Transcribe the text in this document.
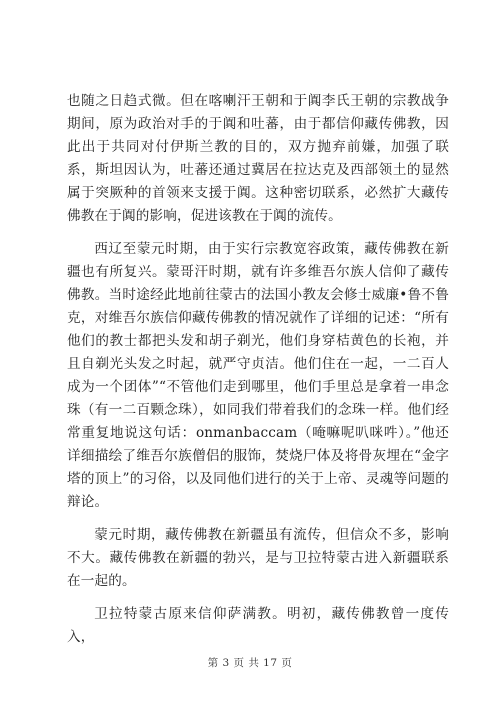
也随之日趋式微。但在喀喇汗王朝和于阗李氏王朝的宗教战争期间，原为政治对手的于阗和吐蕃，由于都信仰藏传佛教，因此出于共同对付伊斯兰教的目的，双方抛弃前嫌，加强了联系，斯坦因认为，吐蕃还通过冀居在拉达克及西部领土的显然属于突厥种的首领来支援于阗。这种密切联系，必然扩大藏传佛教在于阗的影响，促进该教在于阗的流传。

西辽至蒙元时期，由于实行宗教宽容政策，藏传佛教在新疆也有所复兴。蒙哥汗时期，就有许多维吾尔族人信仰了藏传佛教。当时途经此地前往蒙古的法国小教友会修士威廉•鲁不鲁克，对维吾尔族信仰藏传佛教的情况就作了详细的记述：“所有他们的教士都把头发和胡子剃光，他们身穿桔黄色的长袍，并且自剃光头发之时起，就严守贞洁。他们住在一起，一二百人成为一个团体”“不管他们走到哪里，他们手里总是拿着一串念珠（有一二百颗念珠），如同我们带着我们的念珠一样。他们经常重复地说这句话：onmanbaccam（唵嘛呢叭咪吽）。”他还详细描绘了维吾尔族僧侣的服饰，焚烧尸体及将骨灰埋在“金字塔的顶上”的习俗，以及同他们进行的关于上帝、灵魂等问题的辩论。

蒙元时期，藏传佛教在新疆虽有流传，但信众不多，影响不大。藏传佛教在新疆的勃兴，是与卫拉特蒙古进入新疆联系在一起的。

卫拉特蒙古原来信仰萨满教。明初，藏传佛教曾一度传入，

第 3 页 共 17 页
